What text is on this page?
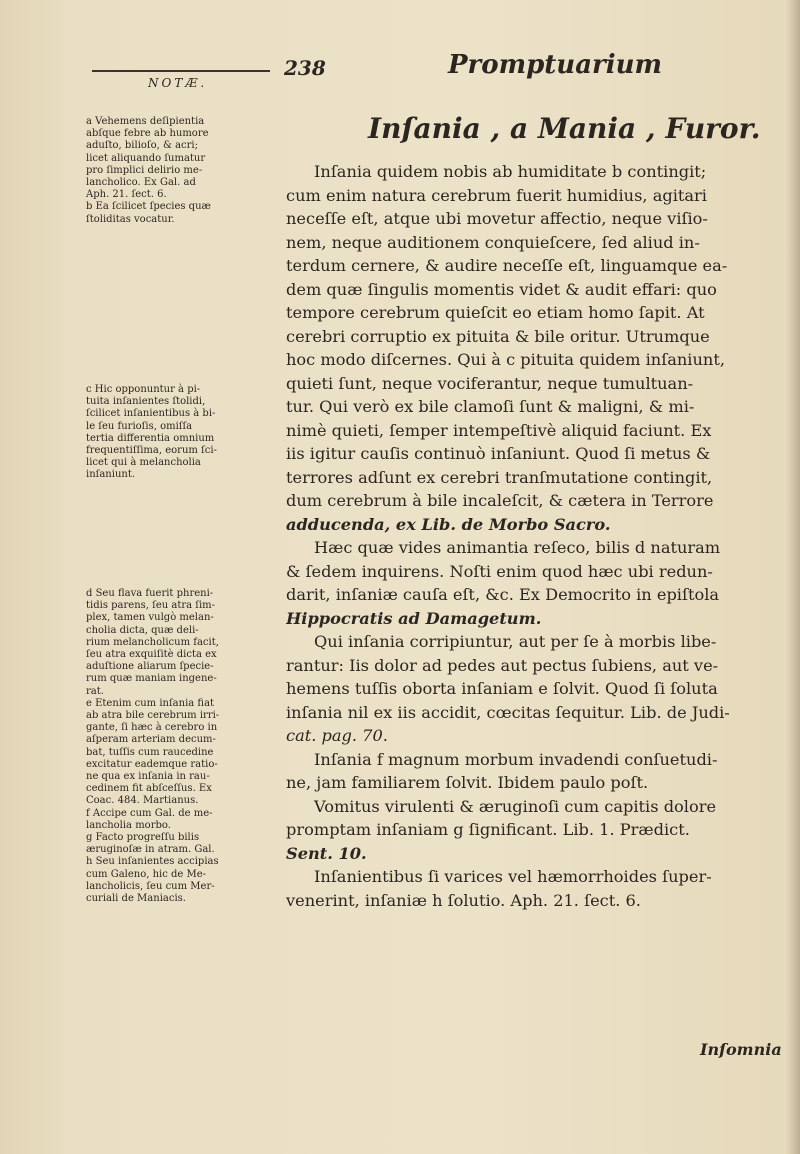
NOTÆ.
238	Promptuarium

a Vehemens deſipientia
abſque febre ab humore
aduſto, bilioſo, & acri;
licet aliquando ſumatur
pro ſimplici delirio me-
lancholico. Ex Gal. ad
Aph. 21. ſect. 6.
b Ea ſcilicet ſpecies quæ
ſtoliditas vocatur.

c Hic opponuntur à pi-
tuita inſanientes ſtolidi,
ſcilicet inſanientibus à bi-
le ſeu furioſis, omiſſa
tertia differentia omnium
frequentiſſima, eorum ſci-
licet qui à melancholia
inſaniunt.

d Seu flava fuerit phreni-
tidis parens, ſeu atra ſim-
plex, tamen vulgò melan-
cholia dicta, quæ deli-
rium melancholicum facit,
ſeu atra exquiſitè dicta ex
aduſtione aliarum ſpecie-
rum quæ maniam ingene-
rat.
e Etenim cum inſania fiat
ab atra bile cerebrum irri-
gante, ſi hæc à cerebro in
aſperam arteriam decum-
bat, tuſſis cum raucedine
excitatur eademque ratio-
ne qua ex inſania in rau-
cedinem fit abſceſſus. Ex
Coac. 484. Martianus.
f Accipe cum Gal. de me-
lancholia morbo.
g Facto progreſſu bilis
æruginoſæ in atram. Gal.
h Seu inſanientes accipias
cum Galeno, hic de Me-
lancholicis, ſeu cum Mer-
curiali de Maniacis.

Inſania , a Mania , Furor.
Inſania quidem nobis ab humiditate b contingit;
cum enim natura cerebrum fuerit humidius, agitari
neceſſe eſt, atque ubi movetur affectio, neque viſio-
nem, neque auditionem conquieſcere, ſed aliud in-
terdum cernere, & audire neceſſe eſt, linguamque ea-
dem quæ ſingulis momentis videt & audit effari: quo
tempore cerebrum quieſcit eo etiam homo ſapit. At
cerebri corruptio ex pituita & bile oritur. Utrumque
hoc modo diſcernes. Qui à c pituita quidem inſaniunt,
quieti ſunt, neque vociferantur, neque tumultuan-
tur. Qui verò ex bile clamoſi ſunt & maligni, & mi-
nimè quieti, ſemper intempeſtivè aliquid faciunt. Ex
iis igitur cauſis continuò inſaniunt. Quod ſi metus &
terrores adſunt ex cerebri tranſmutatione contingit,
dum cerebrum à bile incaleſcit, & cætera in Terrore
adducenda, ex Lib. de Morbo Sacro.
Hæc quæ vides animantia reſeco, bilis d naturam
& ſedem inquirens. Noſti enim quod hæc ubi redun-
darit, inſaniæ cauſa eſt, &c. Ex Democrito in epiſtola
Hippocratis ad Damagetum.
Qui inſania corripiuntur, aut per ſe à morbis libe-
rantur: Iis dolor ad pedes aut pectus ſubiens, aut ve-
hemens tuſſis oborta inſaniam e ſolvit. Quod ſi ſoluta
inſania nil ex iis accidit, cœcitas ſequitur. Lib. de Judi-
cat. pag. 70.
Inſania f magnum morbum invadendi conſuetudi-
ne, jam familiarem ſolvit. Ibidem paulo poſt.
Vomitus virulenti & æruginoſi cum capitis dolore
promptam inſaniam g ſignificant. Lib. 1. Prædict.
Sent. 10.
Inſanientibus ſi varices vel hæmorrhoides ſuper-
venerint, inſaniæ h ſolutio. Aph. 21. ſect. 6.
Inſomnia
